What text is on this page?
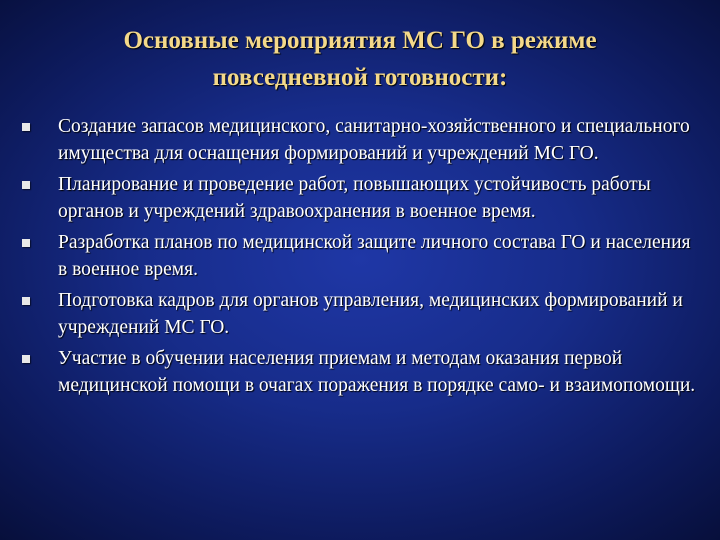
Основные мероприятия МС ГО в режиме
повседневной готовности:
Создание запасов медицинского, санитарно-хозяйственного и специального имущества для оснащения формирований и учреждений МС ГО.
Планирование и проведение работ, повышающих устойчивость работы органов и учреждений здравоохранения в военное время.
Разработка планов по медицинской защите личного состава ГО и населения в военное время.
Подготовка кадров для органов управления, медицинских формирований и учреждений МС ГО.
Участие в обучении населения приемам и методам оказания первой медицинской помощи в очагах поражения в порядке само- и взаимопомощи.
